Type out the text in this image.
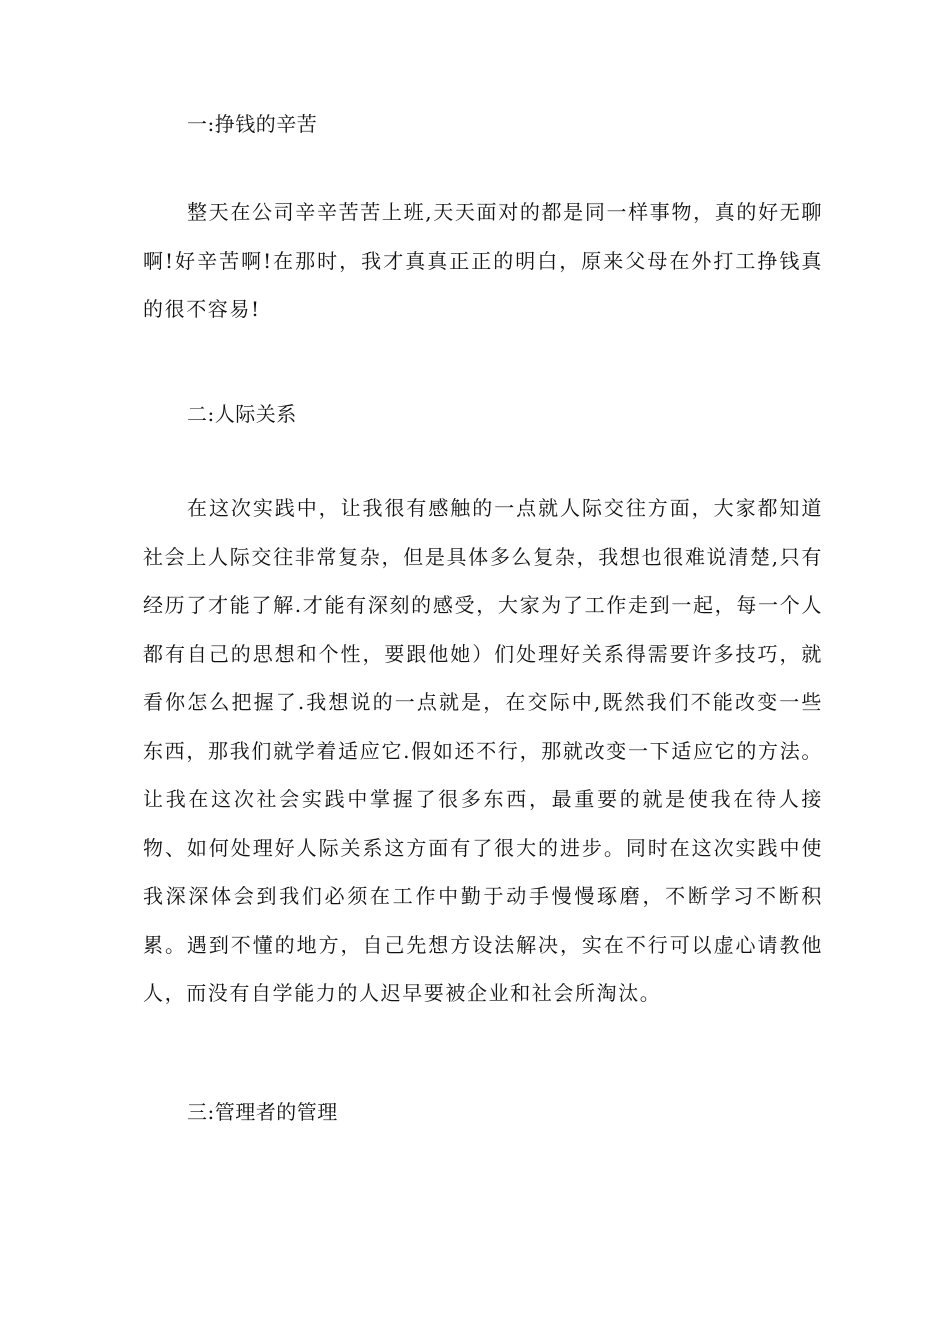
一:挣钱的辛苦
整天在公司辛辛苦苦上班,天天面对的都是同一样事物，真的好无聊啊!好辛苦啊!在那时，我才真真正正的明白，原来父母在外打工挣钱真的很不容易!
二:人际关系
在这次实践中，让我很有感触的一点就人际交往方面，大家都知道社会上人际交往非常复杂，但是具体多么复杂，我想也很难说清楚,只有经历了才能了解.才能有深刻的感受，大家为了工作走到一起，每一个人都有自己的思想和个性，要跟他她）们处理好关系得需要许多技巧，就看你怎么把握了.我想说的一点就是，在交际中,既然我们不能改变一些东西，那我们就学着适应它.假如还不行，那就改变一下适应它的方法。让我在这次社会实践中掌握了很多东西，最重要的就是使我在待人接物、如何处理好人际关系这方面有了很大的进步。同时在这次实践中使我深深体会到我们必须在工作中勤于动手慢慢琢磨，不断学习不断积累。遇到不懂的地方，自己先想方设法解决，实在不行可以虚心请教他人，而没有自学能力的人迟早要被企业和社会所淘汰。
三:管理者的管理
